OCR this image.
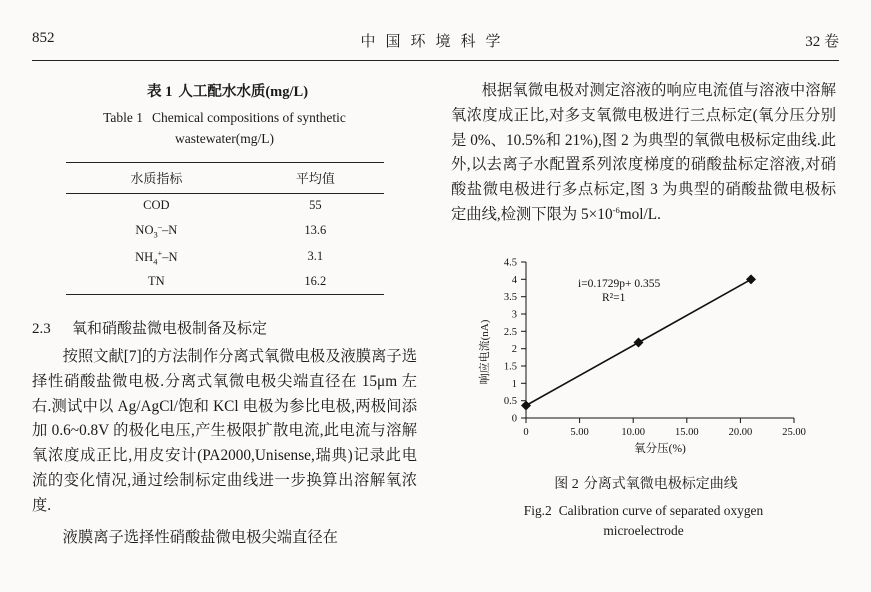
852	中国环境科学	32 卷
表 1 人工配水水质(mg/L)
Table 1 Chemical compositions of synthetic
wastewater(mg/L)
水质指标	平均值
COD	55
$NO_3^--N$	13.6
$NH_4^+-N$	3.1
TN	16.2
2.3	氧和硝酸盐微电极制备及标定

按照文献[7]的方法制作分离式氧微电极及液膜离子选择性硝酸盐微电极.分离式氧微电极尖端直径在 15μm 左右.测试中以 Ag/AgCl/饱和 KCl 电极为参比电极,两极间添加 0.6~0.8V 的极化电压,产生极限扩散电流,此电流与溶解氧浓度成正比,用皮安计(PA2000,Unisense,瑞典)记录此电流的变化情况,通过绘制标定曲线进一步换算出溶解氧浓度.

液膜离子选择性硝酸盐微电极尖端直径在

根据氧微电极对测定溶液的响应电流值与溶液中溶解氧浓度成正比,对多支氧微电极进行三点标定(氧分压分别是 0%、10.5%和 21%),图 2 为典型的氧微电极标定曲线.此外,以去离子水配置系列浓度梯度的硝酸盐标定溶液,对硝酸盐微电极进行多点标定,图 3 为典型的硝酸盐微电极标定曲线,检测下限为 $5\times 10^{-6}mol/L$.

0
0.5
1
1.5
2
2.5
3
3.5
4
4.5
0	5.00	10.00	15.00	20.00	25.00
响应电流(nA)
氧分压(%)
i=0.1729p+ 0.355
R²=1
图 2 分离式氧微电极标定曲线
Fig.2 Calibration curve of separated oxygen
microelectrode
